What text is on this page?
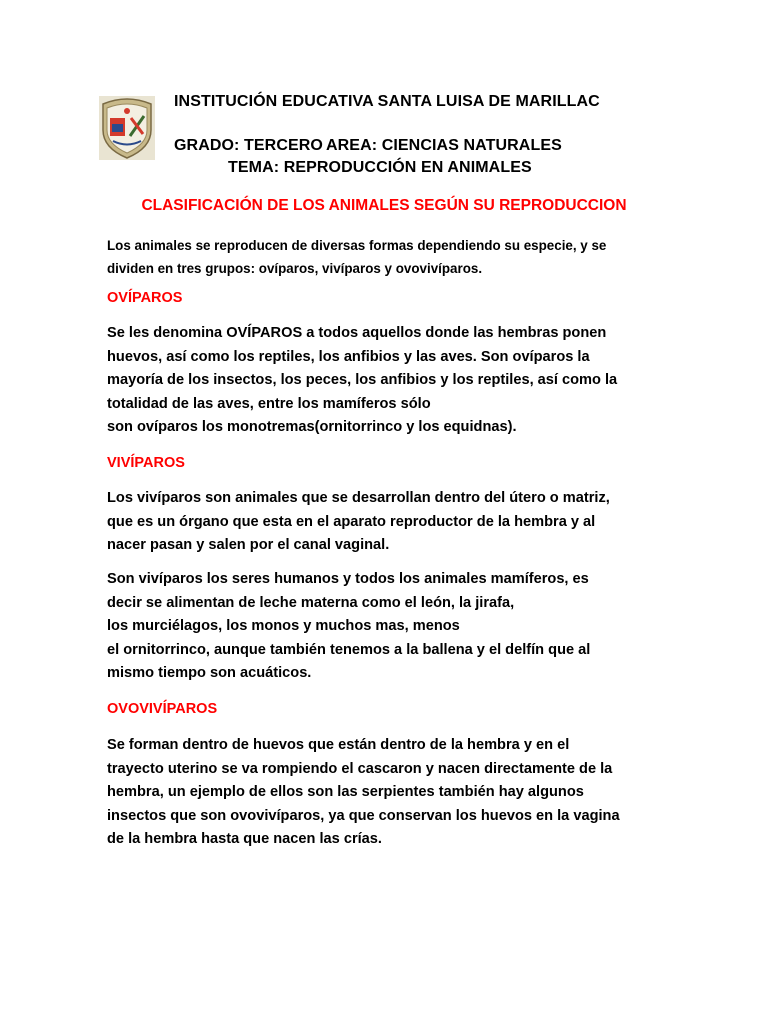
INSTITUCIÓN EDUCATIVA SANTA LUISA DE MARILLAC
GRADO: TERCERO AREA: CIENCIAS NATURALES
TEMA: REPRODUCCIÓN EN ANIMALES
CLASIFICACIÓN DE LOS ANIMALES SEGÚN SU REPRODUCCION
Los animales se reproducen de diversas formas dependiendo su especie, y se
dividen en tres grupos: ovíparos, vivíparos y ovovivíparos.
OVÍPAROS
Se les denomina OVÍPAROS a todos aquellos donde las hembras ponen
huevos, así como los reptiles, los anfibios y las aves. Son ovíparos la
mayoría de los insectos, los peces, los anfibios y los reptiles, así como la
totalidad de las aves, entre los mamíferos sólo
son ovíparos los monotremas(ornitorrinco y los equidnas).
VIVÍPAROS
Los vivíparos son animales que se desarrollan dentro del útero o matriz,
que es un órgano que esta en el aparato reproductor de la hembra y al
nacer pasan y salen por el canal vaginal.
Son vivíparos los seres humanos y todos los animales mamíferos, es
decir se alimentan de leche materna como el león, la jirafa,
los murciélagos, los monos y muchos mas, menos
el ornitorrinco, aunque también tenemos a la ballena y el delfín que al
mismo tiempo son acuáticos.
OVOVIVÍPAROS
Se forman dentro de huevos que están dentro de la hembra y en el
trayecto uterino se va rompiendo el cascaron y nacen directamente de la
hembra, un ejemplo de ellos son las serpientes también hay algunos
insectos que son ovovivíparos, ya que conservan los huevos en la vagina
de la hembra hasta que nacen las crías.
